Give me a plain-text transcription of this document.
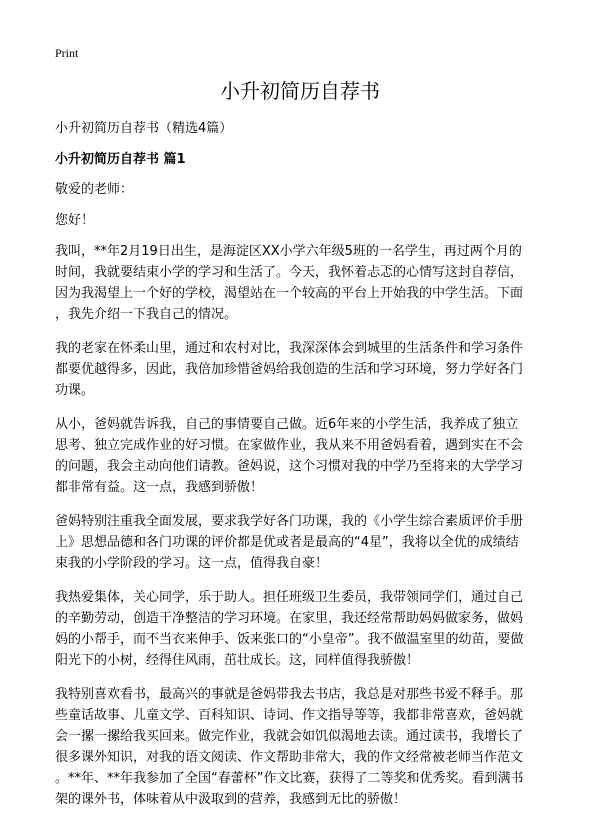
Print
小升初简历自荐书

小升初简历自荐书（精选4篇）

小升初简历自荐书 篇1

敬爱的老师：

您好！

我叫，**年2月19日出生，是海淀区XX小学六年级5班的一名学生，再过两个月的
时间，我就要结束小学的学习和生活了。今天，我怀着忐忑的心情写这封自荐信，
因为我渴望上一个好的学校，渴望站在一个较高的平台上开始我的中学生活。下面
，我先介绍一下我自己的情况。

我的老家在怀柔山里，通过和农村对比，我深深体会到城里的生活条件和学习条件
都要优越得多，因此，我倍加珍惜爸妈给我创造的生活和学习环境，努力学好各门
功课。

从小，爸妈就告诉我，自己的事情要自己做。近6年来的小学生活，我养成了独立
思考、独立完成作业的好习惯。在家做作业，我从来不用爸妈看着，遇到实在不会
的问题，我会主动向他们请教。爸妈说，这个习惯对我的中学乃至将来的大学学习
都非常有益。这一点，我感到骄傲！

爸妈特别注重我全面发展，要求我学好各门功课，我的《小学生综合素质评价手册
上》思想品德和各门功课的评价都是优或者是最高的“4星”，我将以全优的成绩结
束我的小学阶段的学习。这一点，值得我自豪！

我热爱集体，关心同学，乐于助人。担任班级卫生委员，我带领同学们，通过自己
的辛勤劳动，创造干净整洁的学习环境。在家里，我还经常帮助妈妈做家务，做妈
妈的小帮手，而不当衣来伸手、饭来张口的“小皇帝”。我不做温室里的幼苗，要做
阳光下的小树，经得住风雨，茁壮成长。这，同样值得我骄傲！

我特别喜欢看书，最高兴的事就是爸妈带我去书店，我总是对那些书爱不释手。那
些童话故事、儿童文学、百科知识、诗词、作文指导等等，我都非常喜欢，爸妈就
会一摞一摞给我买回来。做完作业，我就会如饥似渴地去读。通过读书，我增长了
很多课外知识，对我的语文阅读、作文帮助非常大，我的作文经常被老师当作范文
。**年、**年我参加了全国“春蕾杯”作文比赛，获得了二等奖和优秀奖。看到满书
架的课外书，体味着从中汲取到的营养，我感到无比的骄傲！
